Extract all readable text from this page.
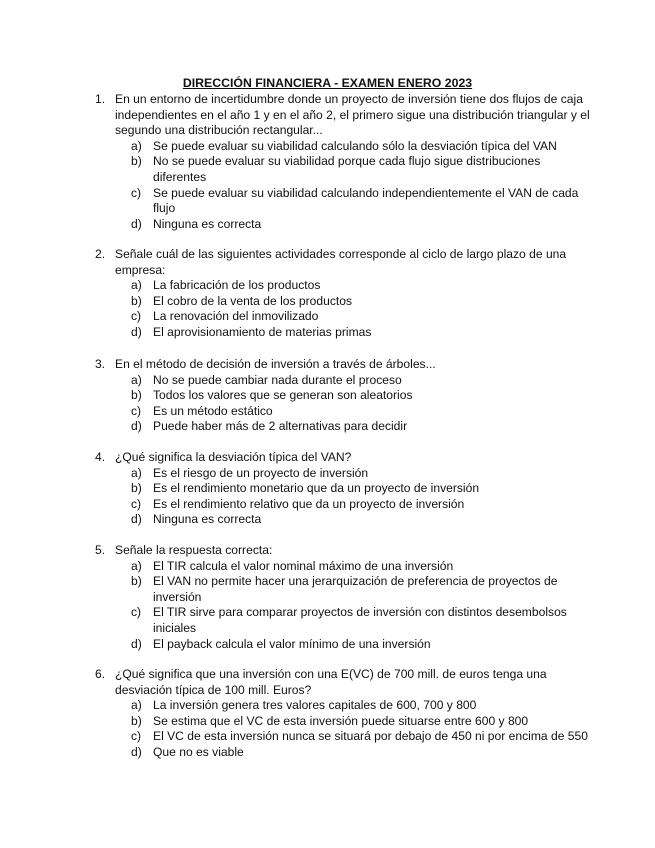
DIRECCIÓN FINANCIERA - EXAMEN ENERO 2023
1. En un entorno de incertidumbre donde un proyecto de inversión tiene dos flujos de caja independientes en el año 1 y en el año 2, el primero sigue una distribución triangular y el segundo una distribución rectangular...
a) Se puede evaluar su viabilidad calculando sólo la desviación típica del VAN
b) No se puede evaluar su viabilidad porque cada flujo sigue distribuciones diferentes
c) Se puede evaluar su viabilidad calculando independientemente el VAN de cada flujo
d) Ninguna es correcta
2. Señale cuál de las siguientes actividades corresponde al ciclo de largo plazo de una empresa:
a) La fabricación de los productos
b) El cobro de la venta de los productos
c) La renovación del inmovilizado
d) El aprovisionamiento de materias primas
3. En el método de decisión de inversión a través de árboles...
a) No se puede cambiar nada durante el proceso
b) Todos los valores que se generan son aleatorios
c) Es un método estático
d) Puede haber más de 2 alternativas para decidir
4. ¿Qué significa la desviación típica del VAN?
a) Es el riesgo de un proyecto de inversión
b) Es el rendimiento monetario que da un proyecto de inversión
c) Es el rendimiento relativo que da un proyecto de inversión
d) Ninguna es correcta
5. Señale la respuesta correcta:
a) El TIR calcula el valor nominal máximo de una inversión
b) El VAN no permite hacer una jerarquización de preferencia de proyectos de inversión
c) El TIR sirve para comparar proyectos de inversión con distintos desembolsos iniciales
d) El payback calcula el valor mínimo de una inversión
6. ¿Qué significa que una inversión con una E(VC) de 700 mill. de euros tenga una desviación típica de 100 mill. Euros?
a) La inversión genera tres valores capitales de 600, 700 y 800
b) Se estima que el VC de esta inversión puede situarse entre 600 y 800
c) El VC de esta inversión nunca se situará por debajo de 450 ni por encima de 550
d) Que no es viable
